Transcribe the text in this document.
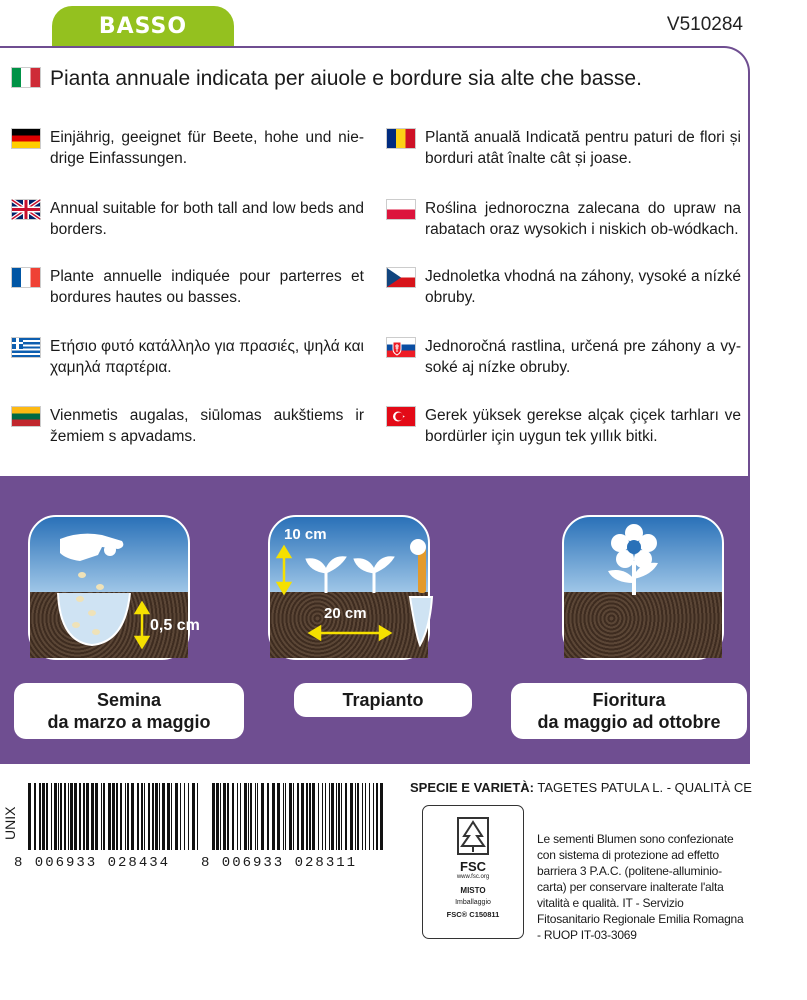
BASSO	V510284
Pianta annuale indicata per aiuole e bordure sia alte che basse.
Einjährig, geeignet für Beete, hohe und nie-drige Einfassungen.
Annual suitable for both tall and low beds and borders.
Plante annuelle indiquée pour parterres et bordures hautes ou basses.
Ετήσιο φυτό κατάλληλο για πρασιές, ψηλά και χαμηλά παρτέρια.
Vienmetis augalas, siūlomas aukštiems ir žemiem s apvadams.
Plantă anuală Indicată pentru paturi de flori și borduri atât înalte cât și joase.
Roślina jednoroczna zalecana do upraw na rabatach oraz wysokich i niskich ob-wódkach.
Jednoletka vhodná na záhony, vysoké a nízké obruby.
Jednoročná rastlina, určená pre záhony a vy-soké aj nízke obruby.
Gerek yüksek gerekse alçak çiçek tarhları ve bordürler için uygun tek yıllık bitki.
0,5 cm
10 cm
20 cm
Semina
da marzo a maggio
Trapianto	Fioritura
da maggio ad ottobre
SPECIE E VARIETÀ: TAGETES PATULA L. - QUALITÀ CE
UNIX
8 006933 028434 8 006933 028311	FSC
www.fsc.org
MISTO
Imballaggio
FSC® C150811
Le sementi Blumen sono confezionate con sistema di protezione ad effetto barriera 3 P.A.C. (politene-alluminio-carta) per conservare inalterate l'alta vitalità e qualità. IT - Servizio Fitosanitario Regionale Emilia Romagna - RUOP IT-03-3069
